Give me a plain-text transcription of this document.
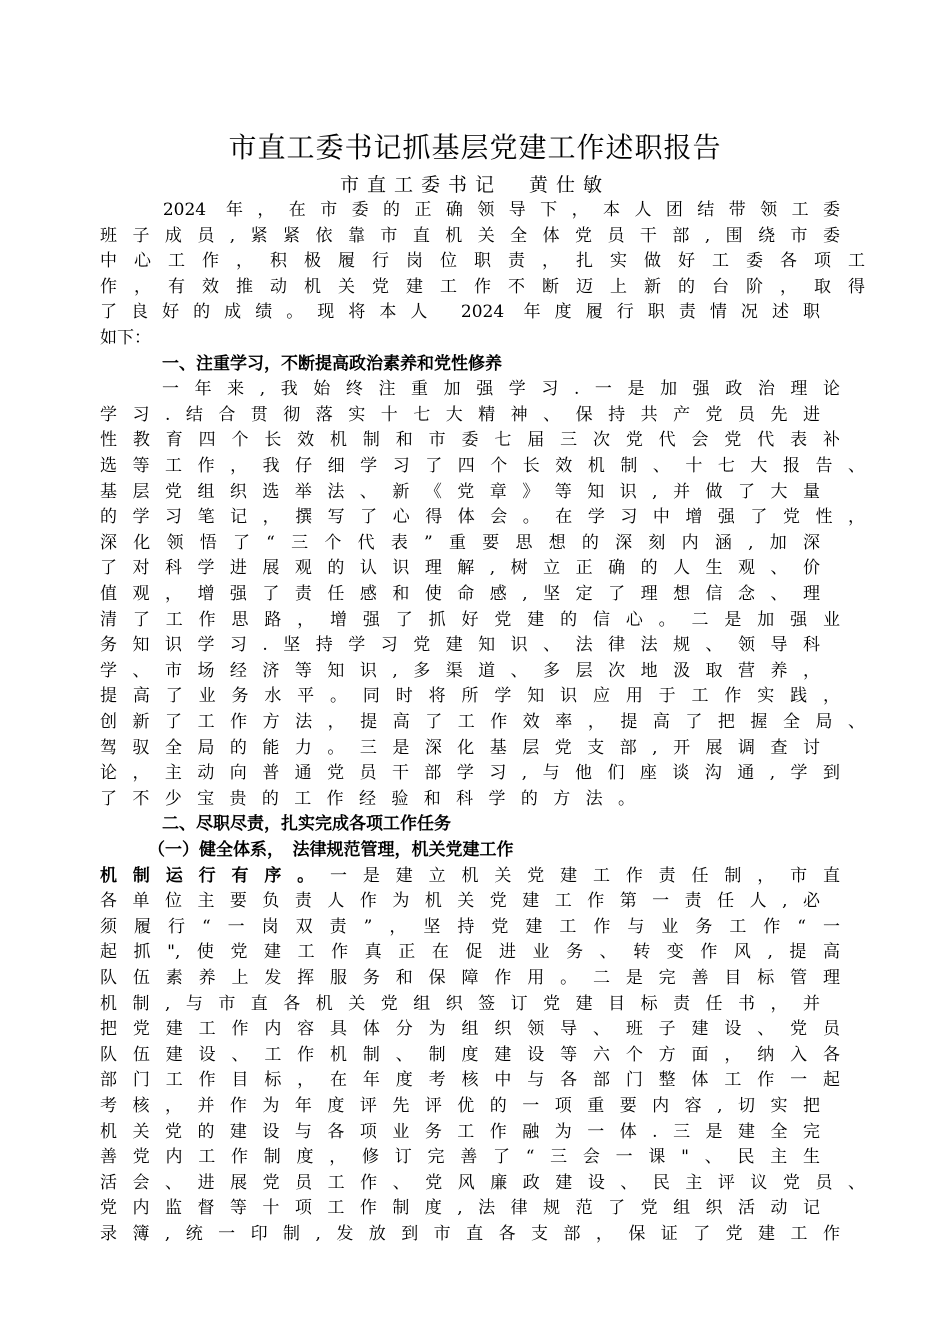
市直工委书记抓基层党建工作述职报告
市直工委书记　黄仕敏
　　2024 年，在市委的正确领导下，本人团结带领工委
班子成员,紧紧依靠市直机关全体党员干部,围绕市委
中心工作，积极履行岗位职责，扎实做好工委各项工
作，有效推动机关党建工作不断迈上新的台阶，取得
了良好的成绩。现将本人 2024 年度履行职责情况述职
如下：
一、注重学习，不断提高政治素养和党性修养
一年来,我始终注重加强学习.一是加强政治理论
学习.结合贯彻落实十七大精神、保持共产党员先进
性教育四个长效机制和市委七届三次党代会党代表补
选等工作，我仔细学习了四个长效机制、十七大报告、
基层党组织选举法、新《党章》等知识,并做了大量
的学习笔记，撰写了心得体会。在学习中增强了党性，
深化领悟了“三个代表”重要思想的深刻内涵,加深
了对科学进展观的认识理解,树立正确的人生观、价
值观，增强了责任感和使命感,坚定了理想信念、理
清了工作思路，增强了抓好党建的信心。二是加强业
务知识学习.坚持学习党建知识、法律法规、领导科
学、市场经济等知识,多渠道、多层次地汲取营养，
提高了业务水平。同时将所学知识应用于工作实践，
创新了工作方法，提高了工作效率，提高了把握全局、
驾驭全局的能力。三是深化基层党支部,开展调查讨
论，主动向普通党员干部学习,与他们座谈沟通,学到
了不少宝贵的工作经验和科学的方法。
二、尽职尽责，扎实完成各项工作任务
（一）健全体系，　法律规范管理，机关党建工作
机制运行有序。一是建立机关党建工作责任制，市直
各单位主要负责人作为机关党建工作第一责任人,必
须履行“一岗双责”，坚持党建工作与业务工作“一
起抓",使党建工作真正在促进业务、转变作风,提高
队伍素养上发挥服务和保障作用。二是完善目标管理
机制,与市直各机关党组织签订党建目标责任书，并
把党建工作内容具体分为组织领导、班子建设、党员
队伍建设、工作机制、制度建设等六个方面，纳入各
部门工作目标，在年度考核中与各部门整体工作一起
考核，并作为年度评先评优的一项重要内容,切实把
机关党的建设与各项业务工作融为一体.三是建全完
善党内工作制度，修订完善了“三会一课"、民主生
活会、进展党员工作、党风廉政建设、民主评议党员、
党内监督等十项工作制度,法律规范了党组织活动记
录簿,统一印制,发放到市直各支部，保证了党建工作
